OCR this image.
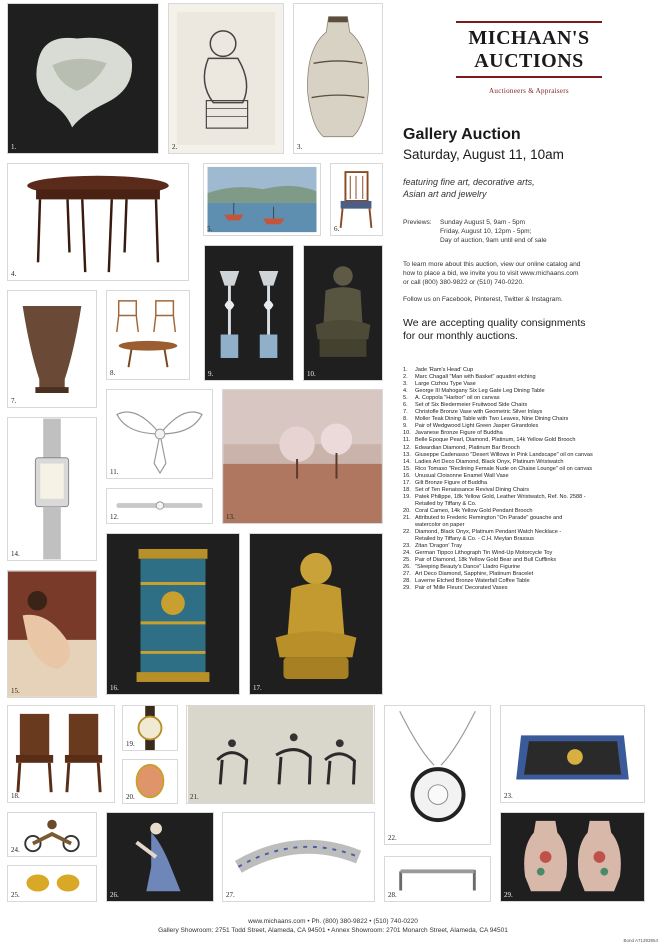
1.	2.	3.
4.
5.	6.
7.
8.	9.	10.
11.
12.	13.
14.
15.	16.	17.
18.
19.
20.	21.
22.
23.
24.
25.	26.	27.	28.	29.
MICHAAN'S
AUCTIONS
Auctioneers & Appraisers
Gallery Auction
Saturday, August 11, 10am
featuring fine art, decorative arts,
Asian art and jewelry
Previews:	Sunday August 5, 9am - 5pm
Friday, August 10, 12pm - 5pm;
Day of auction, 9am until end of sale
To learn more about this auction, view our online catalog and
how to place a bid, we invite you to visit www.michaans.com
or call (800) 380-9822 or (510) 740-0220.
Follow us on Facebook, Pinterest, Twitter & Instagram.
We are accepting quality consignments
for our monthly auctions.
1.	Jade 'Ram's Head' Cup
2.	Marc Chagall "Man with Basket" aquatint etching
3.	Large Cizhou Type Vase
4.	George III Mahogany Six Leg Gate Leg Dining Table
5.	A. Coppola "Harbor" oil on canvas
6.	Set of Six Biedermeier Fruitwood Side Chairs
7.	Christofle Bronze Vase with Geometric Silver Inlays
8.	Moller Teak Dining Table with Two Leaves, Nine Dining Chairs
9.	Pair of Wedgwood Light Green Jasper Girandoles
10. Javanese Bronze Figure of Buddha
11. Belle Epoque Pearl, Diamond, Platinum, 14k Yellow Gold Brooch
12. Edwardian Diamond, Platinum Bar Brooch
13. Giuseppe Cadenasso "Desert Willows in Pink Landscape" oil on canvas
14. Ladies Art Deco Diamond, Black Onyx, Platinum Wristwatch
15. Rico Tomaso "Reclining Female Nude on Chaise Lounge" oil on canvas
16. Unusual Cloisonne Enamel Wall Vase
17. Gilt Bronze Figure of Buddha
18. Set of Ten Renaissance Revival Dining Chairs
19. Patek Philippe, 18k Yellow Gold, Leather Wristwatch, Ref. No. 2588 -
Retailed by Tiffany & Co.
20. Coral Cameo, 14k Yellow Gold Pendant Brooch
21. Attributed to Frederic Remington "On Parade" gouache and
watercolor on paper
22. Diamond, Black Onyx, Platinum Pendant Watch Necklace -
Retailed by Tiffany & Co. - C.H. Meylan Brassus
23. Zitan 'Dragon' Tray
24. German Tippco Lithograph Tin Wind-Up Motorcycle Toy
25. Pair of Diamond, 18k Yellow Gold Bear and Bull Cufflinks
26. "Sleeping Beauty's Dance" Lladro Figurine
27. Art Deco Diamond, Sapphire, Platinum Bracelet
28. Laverne Etched Bronze Waterfall Coffee Table
29. Pair of 'Mille Fleurs' Decorated Vases
www.michaans.com • Ph. (800) 380-9822 • (510) 740-0220
Gallery Showroom: 2751 Todd Street, Alameda, CA 94501 • Annex Showroom: 2701 Monarch Street, Alameda, CA 94501
Bond A71393954
